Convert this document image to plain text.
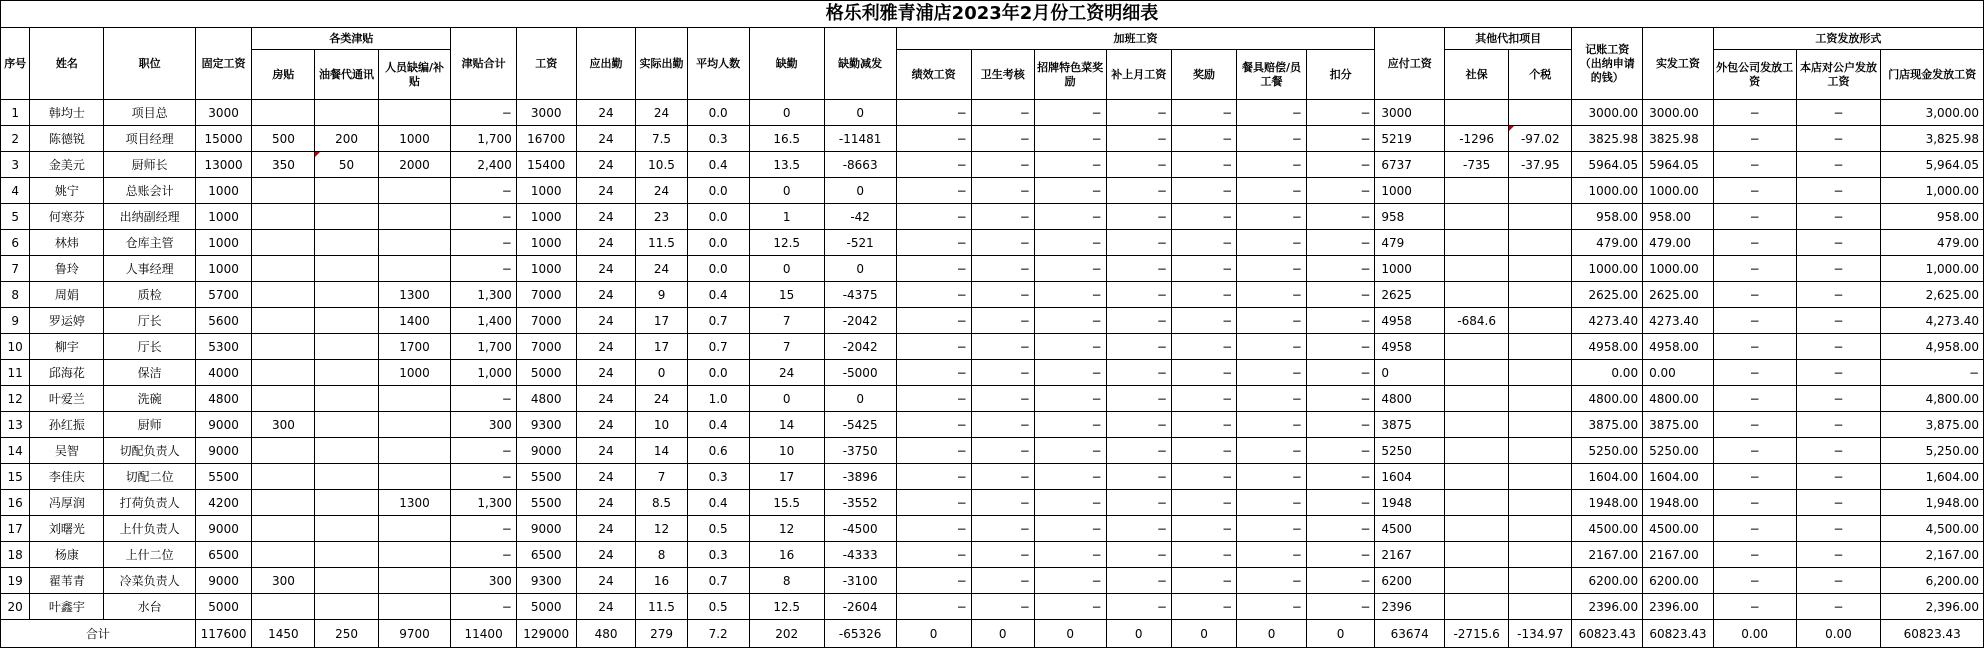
格乐利雅青浦店2023年2月份工资明细表																												
序号	姓名	职位	固定工资	各类津贴			津贴合计	工资	应出勤	实际出勤	平均人数	缺勤	缺勤减发	加班工资							应付工资	其他代扣项目		记账工资（出纳申请的钱）	实发工资	工资发放形式		
				房贴	油餐代通讯	人员缺编/补贴								绩效工资	卫生考核	招牌特色菜奖励	补上月工资	奖励	餐具赔偿/员工餐	扣分		社保	个税			外包公司发放工资	本店对公户发放工资	门店现金发放工资
1	韩均士	项目总	3000				−	3000	24	24	0.0	0	0	−	−	−	−	−	−	−	3000			3000.00	3000.00	−	−	3,000.00
2	陈德锐	项目经理	15000	500	200	1000	1,700	16700	24	7.5	0.3	16.5	-11481	−	−	−	−	−	−	−	5219	-1296	-97.02	3825.98	3825.98	−	−	3,825.98
3	金美元	厨师长	13000	350	50	2000	2,400	15400	24	10.5	0.4	13.5	-8663	−	−	−	−	−	−	−	6737	-735	-37.95	5964.05	5964.05	−	−	5,964.05
4	姚宁	总账会计	1000				−	1000	24	24	0.0	0	0	−	−	−	−	−	−	−	1000			1000.00	1000.00	−	−	1,000.00
5	何寒芬	出纳副经理	1000				−	1000	24	23	0.0	1	-42	−	−	−	−	−	−	−	958			958.00	958.00	−	−	958.00
6	林炜	仓库主管	1000				−	1000	24	11.5	0.0	12.5	-521	−	−	−	−	−	−	−	479			479.00	479.00	−	−	479.00
7	鲁玲	人事经理	1000				−	1000	24	24	0.0	0	0	−	−	−	−	−	−	−	1000			1000.00	1000.00	−	−	1,000.00
8	周娟	质检	5700			1300	1,300	7000	24	9	0.4	15	-4375	−	−	−	−	−	−	−	2625			2625.00	2625.00	−	−	2,625.00
9	罗运婷	厅长	5600			1400	1,400	7000	24	17	0.7	7	-2042	−	−	−	−	−	−	−	4958	-684.6		4273.40	4273.40	−	−	4,273.40
10	柳宇	厅长	5300			1700	1,700	7000	24	17	0.7	7	-2042	−	−	−	−	−	−	−	4958			4958.00	4958.00	−	−	4,958.00
11	邱海花	保洁	4000			1000	1,000	5000	24	0	0.0	24	-5000	−	−	−	−	−	−	−	0			0.00	0.00	−	−	−
12	叶爱兰	洗碗	4800				−	4800	24	24	1.0	0	0	−	−	−	−	−	−	−	4800			4800.00	4800.00	−	−	4,800.00
13	孙红振	厨师	9000	300			300	9300	24	10	0.4	14	-5425	−	−	−	−	−	−	−	3875			3875.00	3875.00	−	−	3,875.00
14	吴智	切配负责人	9000				−	9000	24	14	0.6	10	-3750	−	−	−	−	−	−	−	5250			5250.00	5250.00	−	−	5,250.00
15	李佳庆	切配二位	5500				−	5500	24	7	0.3	17	-3896	−	−	−	−	−	−	−	1604			1604.00	1604.00	−	−	1,604.00
16	冯厚润	打荷负责人	4200			1300	1,300	5500	24	8.5	0.4	15.5	-3552	−	−	−	−	−	−	−	1948			1948.00	1948.00	−	−	1,948.00
17	刘曙光	上什负责人	9000				−	9000	24	12	0.5	12	-4500	−	−	−	−	−	−	−	4500			4500.00	4500.00	−	−	4,500.00
18	杨康	上什二位	6500				−	6500	24	8	0.3	16	-4333	−	−	−	−	−	−	−	2167			2167.00	2167.00	−	−	2,167.00
19	翟苇青	冷菜负责人	9000	300			300	9300	24	16	0.7	8	-3100	−	−	−	−	−	−	−	6200			6200.00	6200.00	−	−	6,200.00
20	叶鑫宇	水台	5000				−	5000	24	11.5	0.5	12.5	-2604	−	−	−	−	−	−	−	2396			2396.00	2396.00	−	−	2,396.00
合计			117600	1450	250	9700	11400	129000	480	279	7.2	202	-65326	0	0	0	0	0	0	0	63674	-2715.6	-134.97	60823.43	60823.43	0.00	0.00	60823.43
